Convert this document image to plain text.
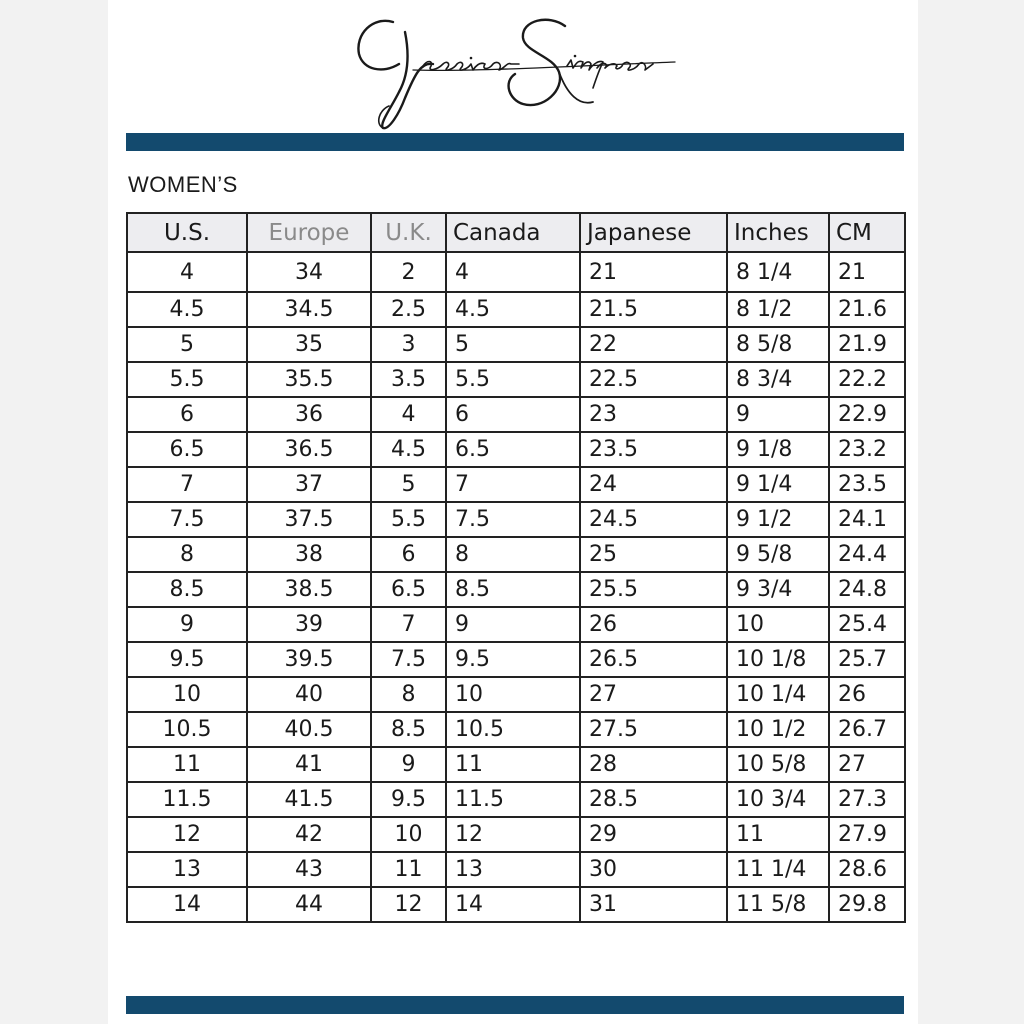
WOMEN’S
U.S.	Europe	U.K.	Canada	Japanese	Inches	CM
4	34	2	4	21	8 1/4	21
4.5	34.5	2.5	4.5	21.5	8 1/2	21.6
5	35	3	5	22	8 5/8	21.9
5.5	35.5	3.5	5.5	22.5	8 3/4	22.2
6	36	4	6	23	9	22.9
6.5	36.5	4.5	6.5	23.5	9 1/8	23.2
7	37	5	7	24	9 1/4	23.5
7.5	37.5	5.5	7.5	24.5	9 1/2	24.1
8	38	6	8	25	9 5/8	24.4
8.5	38.5	6.5	8.5	25.5	9 3/4	24.8
9	39	7	9	26	10	25.4
9.5	39.5	7.5	9.5	26.5	10 1/8	25.7
10	40	8	10	27	10 1/4	26
10.5	40.5	8.5	10.5	27.5	10 1/2	26.7
11	41	9	11	28	10 5/8	27
11.5	41.5	9.5	11.5	28.5	10 3/4	27.3
12	42	10	12	29	11	27.9
13	43	11	13	30	11 1/4	28.6
14	44	12	14	31	11 5/8	29.8
